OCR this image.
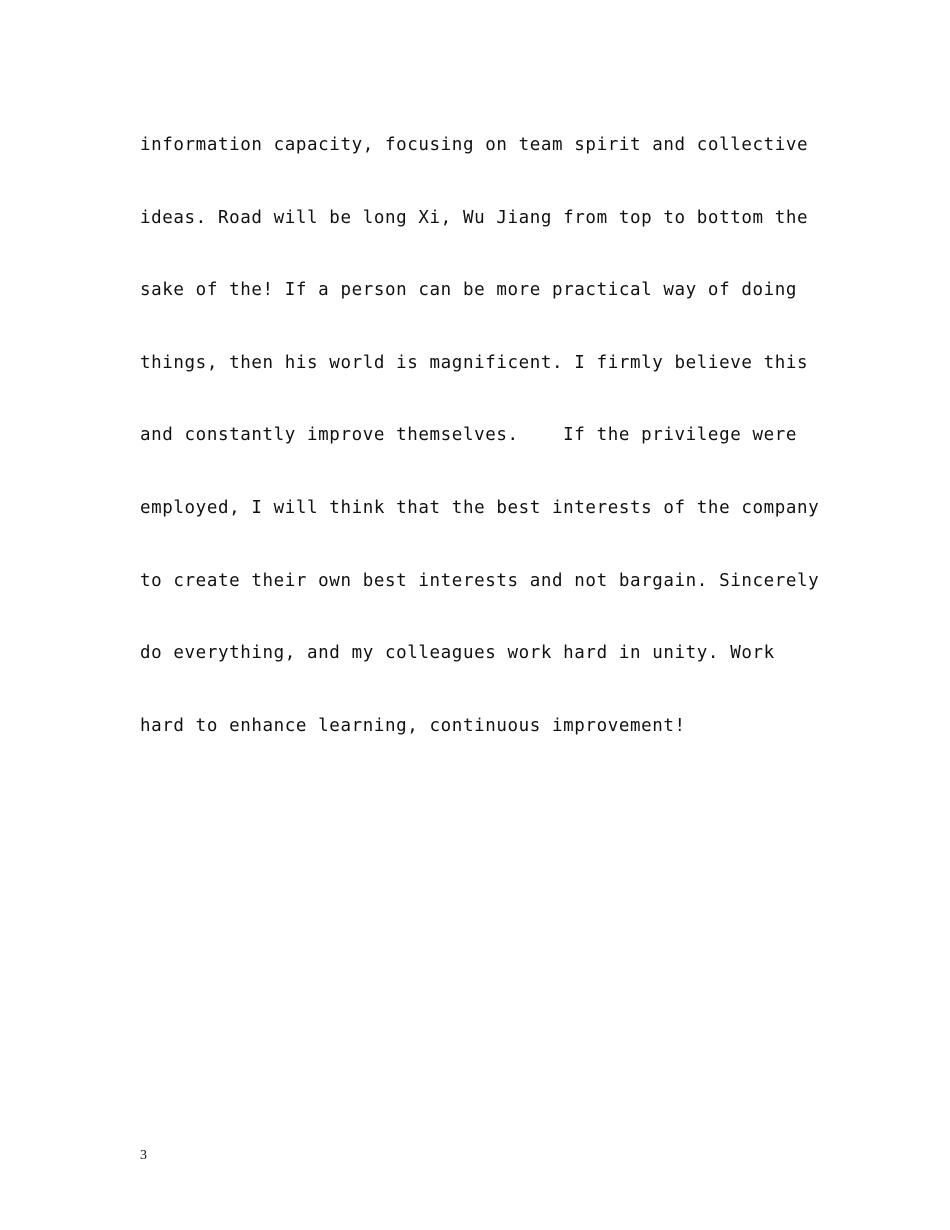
information capacity, focusing on team spirit and collective
ideas. Road will be long Xi, Wu Jiang from top to bottom the
sake of the! If a person can be more practical way of doing
things, then his world is magnificent. I firmly believe this
and constantly improve themselves.    If the privilege were
employed, I will think that the best interests of the company
to create their own best interests and not bargain. Sincerely
do everything, and my colleagues work hard in unity. Work
hard to enhance learning, continuous improvement!
3
